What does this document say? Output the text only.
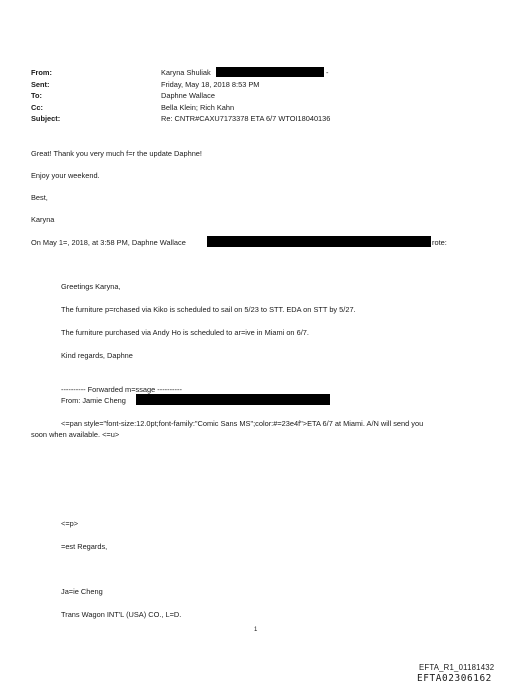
From:	Karyna Shuliak	-
Sent:	Friday, May 18, 2018 8:53 PM
To:	Daphne Wallace
Cc:	Bella Klein; Rich Kahn
Subject:	Re: CNTR#CAXU7173378 ETA 6/7 WTOI18040136
Great! Thank you very much f=r the update Daphne!
Enjoy your weekend.
Best,
Karyna
On May 1=, 2018, at 3:58 PM, Daphne Wallace	rote:
Greetings Karyna,
The furniture p=rchased via Kiko is scheduled to sail on 5/23 to STT. EDA on STT by 5/27.
The furniture purchased via Andy Ho is scheduled to ar=ive in Miami on 6/7.
Kind regards, Daphne
---------- Forwarded m=ssage ----------
From: Jamie Cheng
<=pan style="font-size:12.0pt;font-family:"Comic Sans MS";color:#=23e4f">ETA 6/7 at Miami. A/N will send you
soon when available. <=u>
<=p>
=est Regards,
Ja=ie Cheng
Trans Wagon INT'L (USA) CO., L=D.
1
EFTA_R1_01181432
EFTA02306162
